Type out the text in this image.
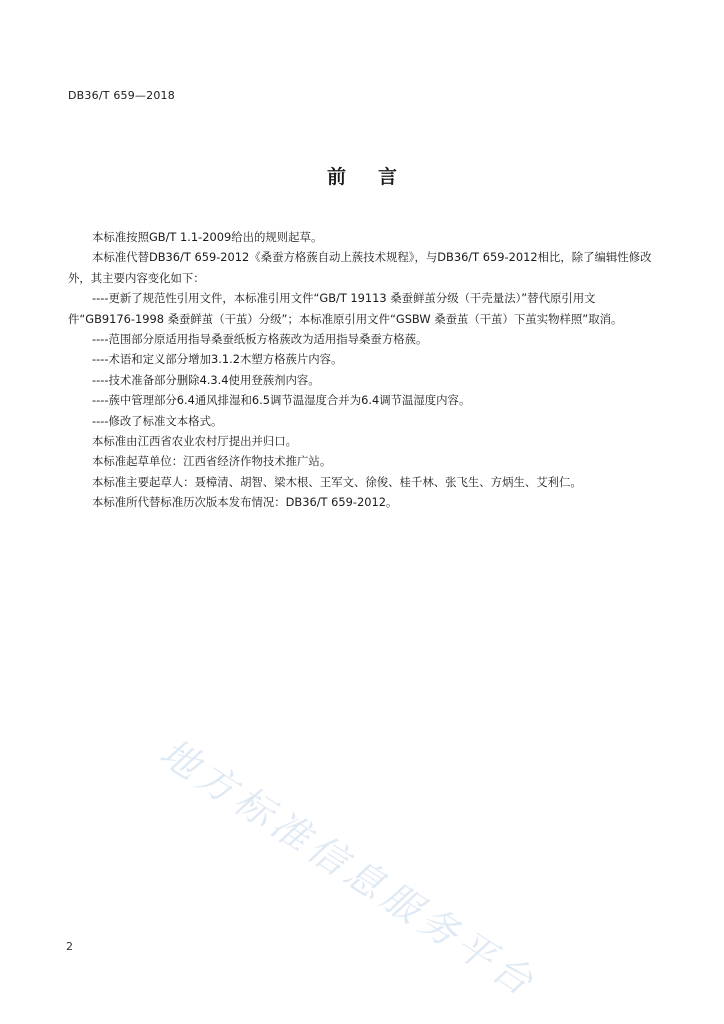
DB36/T 659—2018
前言

本标准按照GB/T 1.1-2009给出的规则起草。

本标准代替DB36/T 659-2012《桑蚕方格蔟自动上蔟技术规程》，与DB36/T 659-2012相比，除了编辑性修改外，其主要内容变化如下：

----更新了规范性引用文件，本标准引用文件“GB/T 19113 桑蚕鲜茧分级（干壳量法）”替代原引用文件“GB9176-1998 桑蚕鲜茧（干茧）分级”；本标准原引用文件“GSBW 桑蚕茧（干茧）下茧实物样照”取消。

----范围部分原适用指导桑蚕纸板方格蔟改为适用指导桑蚕方格蔟。

----术语和定义部分增加3.1.2木塑方格蔟片内容。

----技术准备部分删除4.3.4使用登蔟剂内容。

----蔟中管理部分6.4通风排湿和6.5调节温湿度合并为6.4调节温湿度内容。

----修改了标准文本格式。

本标准由江西省农业农村厅提出并归口。

本标准起草单位：江西省经济作物技术推广站。

本标准主要起草人：聂樟清、胡智、梁木根、王军文、徐俊、桂千林、张飞生、方炳生、艾利仁。

本标准所代替标准历次版本发布情况：DB36/T 659-2012。

地方标准信息服务平台
2
